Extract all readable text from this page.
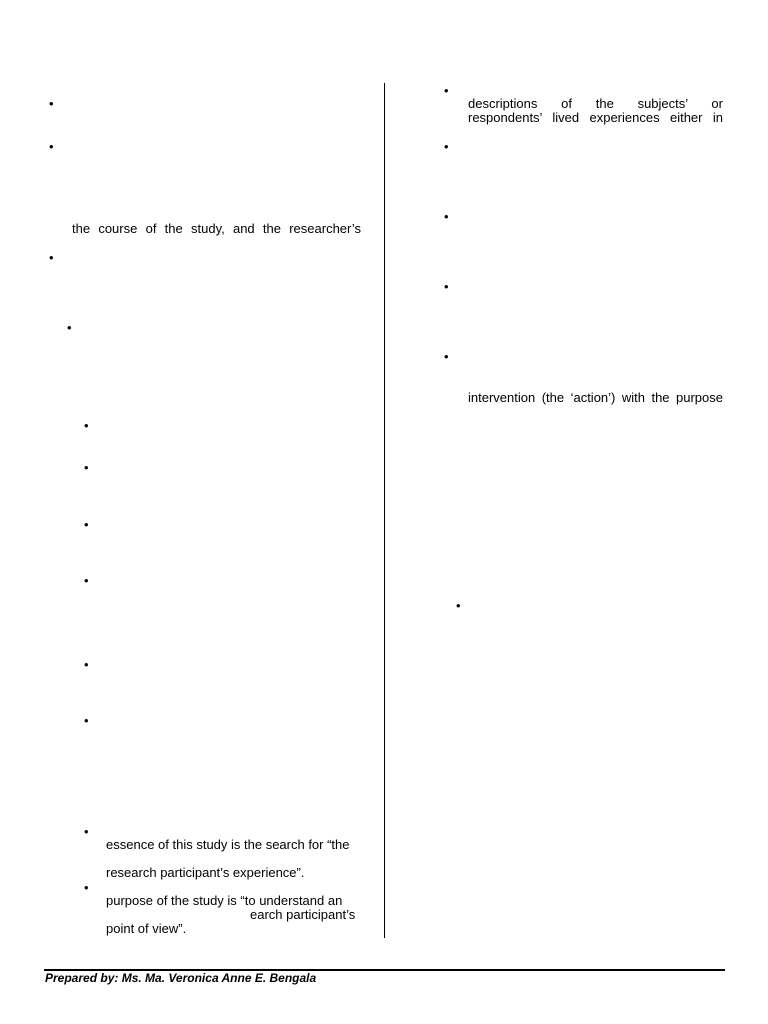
•
•
the course of the study, and the researcher’s
•
•
•
•
•
•
•
•
•
essence of this study is the search for “the
research participant’s experience”.
•
purpose of the study is “to understand an
earch participant’s
point of view”.
•
descriptions of the subjects’ or
respondents’ lived experiences either in
•
•
•
•
intervention (the ‘action’) with the purpose
•
Prepared by: Ms. Ma. Veronica Anne E. Bengala
